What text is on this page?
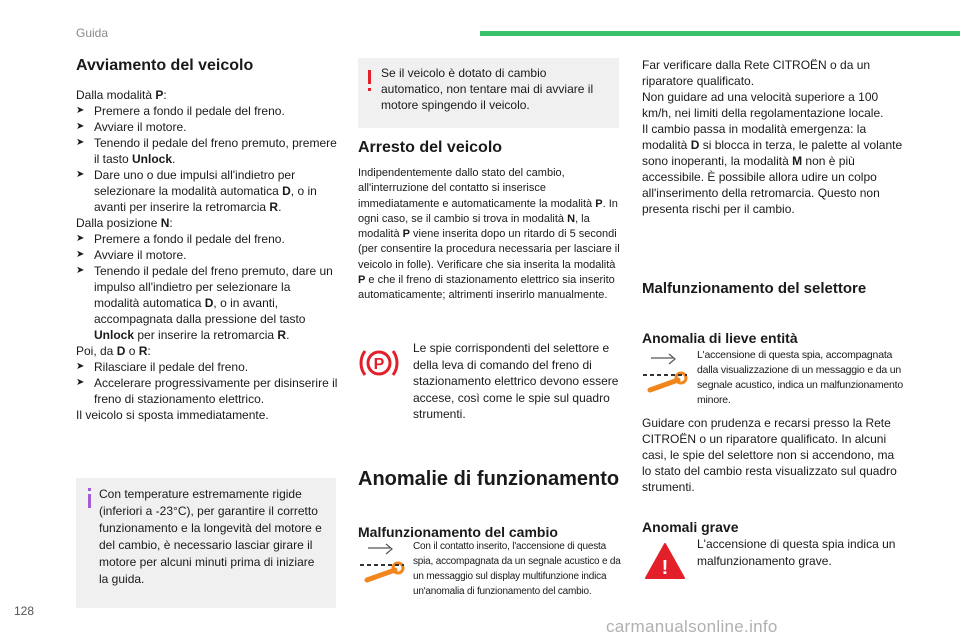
Guida
128
carmanualsonline.info
Avviamento del veicolo

Dalla modalità P:

➤ Premere a fondo il pedale del freno.
➤ Avviare il motore.
➤ Tenendo il pedale del freno premuto, premere il tasto Unlock.
➤ Dare uno o due impulsi all'indietro per selezionare la modalità automatica D, o in avanti per inserire la retromarcia R.

Dalla posizione N:

➤ Premere a fondo il pedale del freno.
➤ Avviare il motore.
➤ Tenendo il pedale del freno premuto, dare un impulso all'indietro per selezionare la modalità automatica D, o in avanti, accompagnata dalla pressione del tasto Unlock per inserire la retromarcia R.

Poi, da D o R:

➤ Rilasciare il pedale del freno.
➤ Accelerare progressivamente per disinserire il freno di stazionamento elettrico.

Il veicolo si sposta immediatamente.

Con temperature estremamente rigide (inferiori a -23°C), per garantire il corretto funzionamento e la longevità del motore e del cambio, è necessario lasciar girare il motore per alcuni minuti prima di iniziare la guida.
Se il veicolo è dotato di cambio automatico, non tentare mai di avviare il motore spingendo il veicolo.
Arresto del veicolo
Indipendentemente dallo stato del cambio, all'interruzione del contatto si inserisce immediatamente e automaticamente la modalità P. In ogni caso, se il cambio si trova in modalità N, la modalità P viene inserita dopo un ritardo di 5 secondi (per consentire la procedura necessaria per lasciare il veicolo in folle). Verificare che sia inserita la modalità P e che il freno di stazionamento elettrico sia inserito automaticamente; altrimenti inserirlo manualmente.
P
Le spie corrispondenti del selettore e della leva di comando del freno di stazionamento elettrico devono essere accese, così come le spie sul quadro strumenti.
Anomalie di funzionamento
Malfunzionamento del cambio
Con il contatto inserito, l'accensione di questa spia, accompagnata da un segnale acustico e da un messaggio sul display multifunzione indica un'anomalia di funzionamento del cambio.
Far verificare dalla Rete CITROËN o da un riparatore qualificato.
Non guidare ad una velocità superiore a 100 km/h, nei limiti della regolamentazione locale.
Il cambio passa in modalità emergenza: la modalità D si blocca in terza, le palette al volante sono inoperanti, la modalità M non è più accessibile. È possibile allora udire un colpo all'inserimento della retromarcia. Questo non presenta rischi per il cambio.
Malfunzionamento del selettore
Anomalia di lieve entità
L'accensione di questa spia, accompagnata dalla visualizzazione di un messaggio e da un segnale acustico, indica un malfunzionamento minore.
Guidare con prudenza e recarsi presso la Rete CITROËN o un riparatore qualificato. In alcuni casi, le spie del selettore non si accendono, ma lo stato del cambio resta visualizzato sul quadro strumenti.
Anomali grave
!
L'accensione di questa spia indica un malfunzionamento grave.
